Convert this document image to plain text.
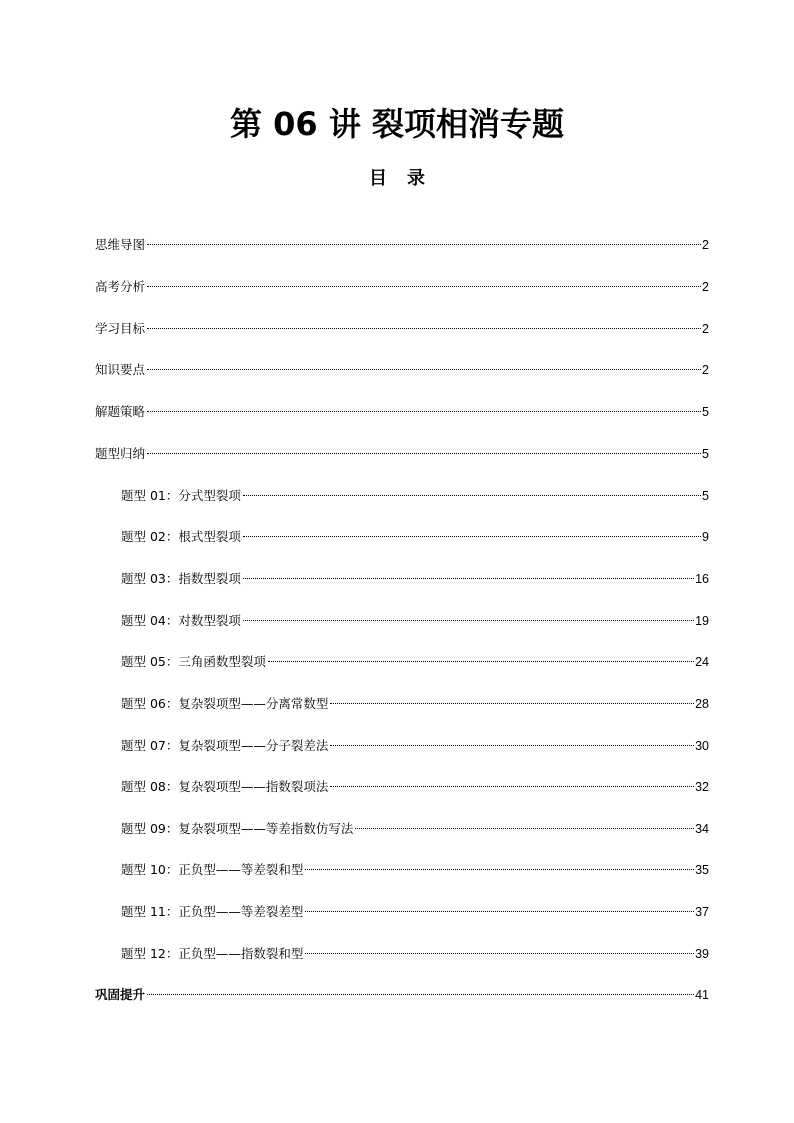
第 06 讲 裂项相消专题
目录
思维导图	2
高考分析	2
学习目标	2
知识要点	2
解题策略	5
题型归纳	5
题型 01：分式型裂项	5
题型 02：根式型裂项	9
题型 03：指数型裂项	16
题型 04：对数型裂项	19
题型 05：三角函数型裂项	24
题型 06：复杂裂项型——分离常数型	28
题型 07：复杂裂项型——分子裂差法	30
题型 08：复杂裂项型——指数裂项法	32
题型 09：复杂裂项型——等差指数仿写法	34
题型 10：正负型——等差裂和型	35
题型 11：正负型——等差裂差型	37
题型 12：正负型——指数裂和型	39
巩固提升	41
